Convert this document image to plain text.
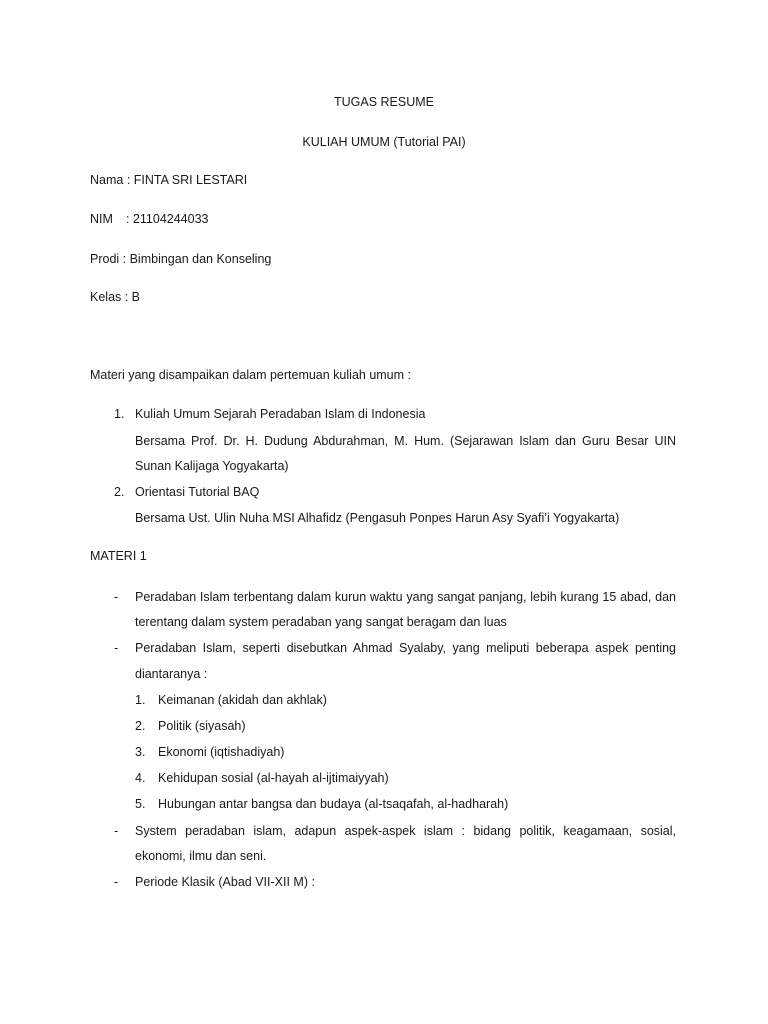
TUGAS RESUME
KULIAH UMUM (Tutorial PAI)
Nama : FINTA SRI LESTARI
NIM : 21104244033
Prodi : Bimbingan dan Konseling
Kelas : B
Materi yang disampaikan dalam pertemuan kuliah umum :
1. Kuliah Umum Sejarah Peradaban Islam di Indonesia
Bersama Prof. Dr. H. Dudung Abdurahman, M. Hum. (Sejarawan Islam dan Guru Besar UIN
Sunan Kalijaga Yogyakarta)
2. Orientasi Tutorial BAQ
Bersama Ust. Ulin Nuha MSI Alhafidz (Pengasuh Ponpes Harun Asy Syafi’i Yogyakarta)
MATERI 1
- Peradaban Islam terbentang dalam kurun waktu yang sangat panjang, lebih kurang 15 abad, dan
terentang dalam system peradaban yang sangat beragam dan luas
- Peradaban Islam, seperti disebutkan Ahmad Syalaby, yang meliputi beberapa aspek penting
diantaranya :
1. Keimanan (akidah dan akhlak)
2. Politik (siyasah)
3. Ekonomi (iqtishadiyah)
4. Kehidupan sosial (al-hayah al-ijtimaiyyah)
5. Hubungan antar bangsa dan budaya (al-tsaqafah, al-hadharah)
- System peradaban islam, adapun aspek-aspek islam : bidang politik, keagamaan, sosial,
ekonomi, ilmu dan seni.
- Periode Klasik (Abad VII-XII M) :
